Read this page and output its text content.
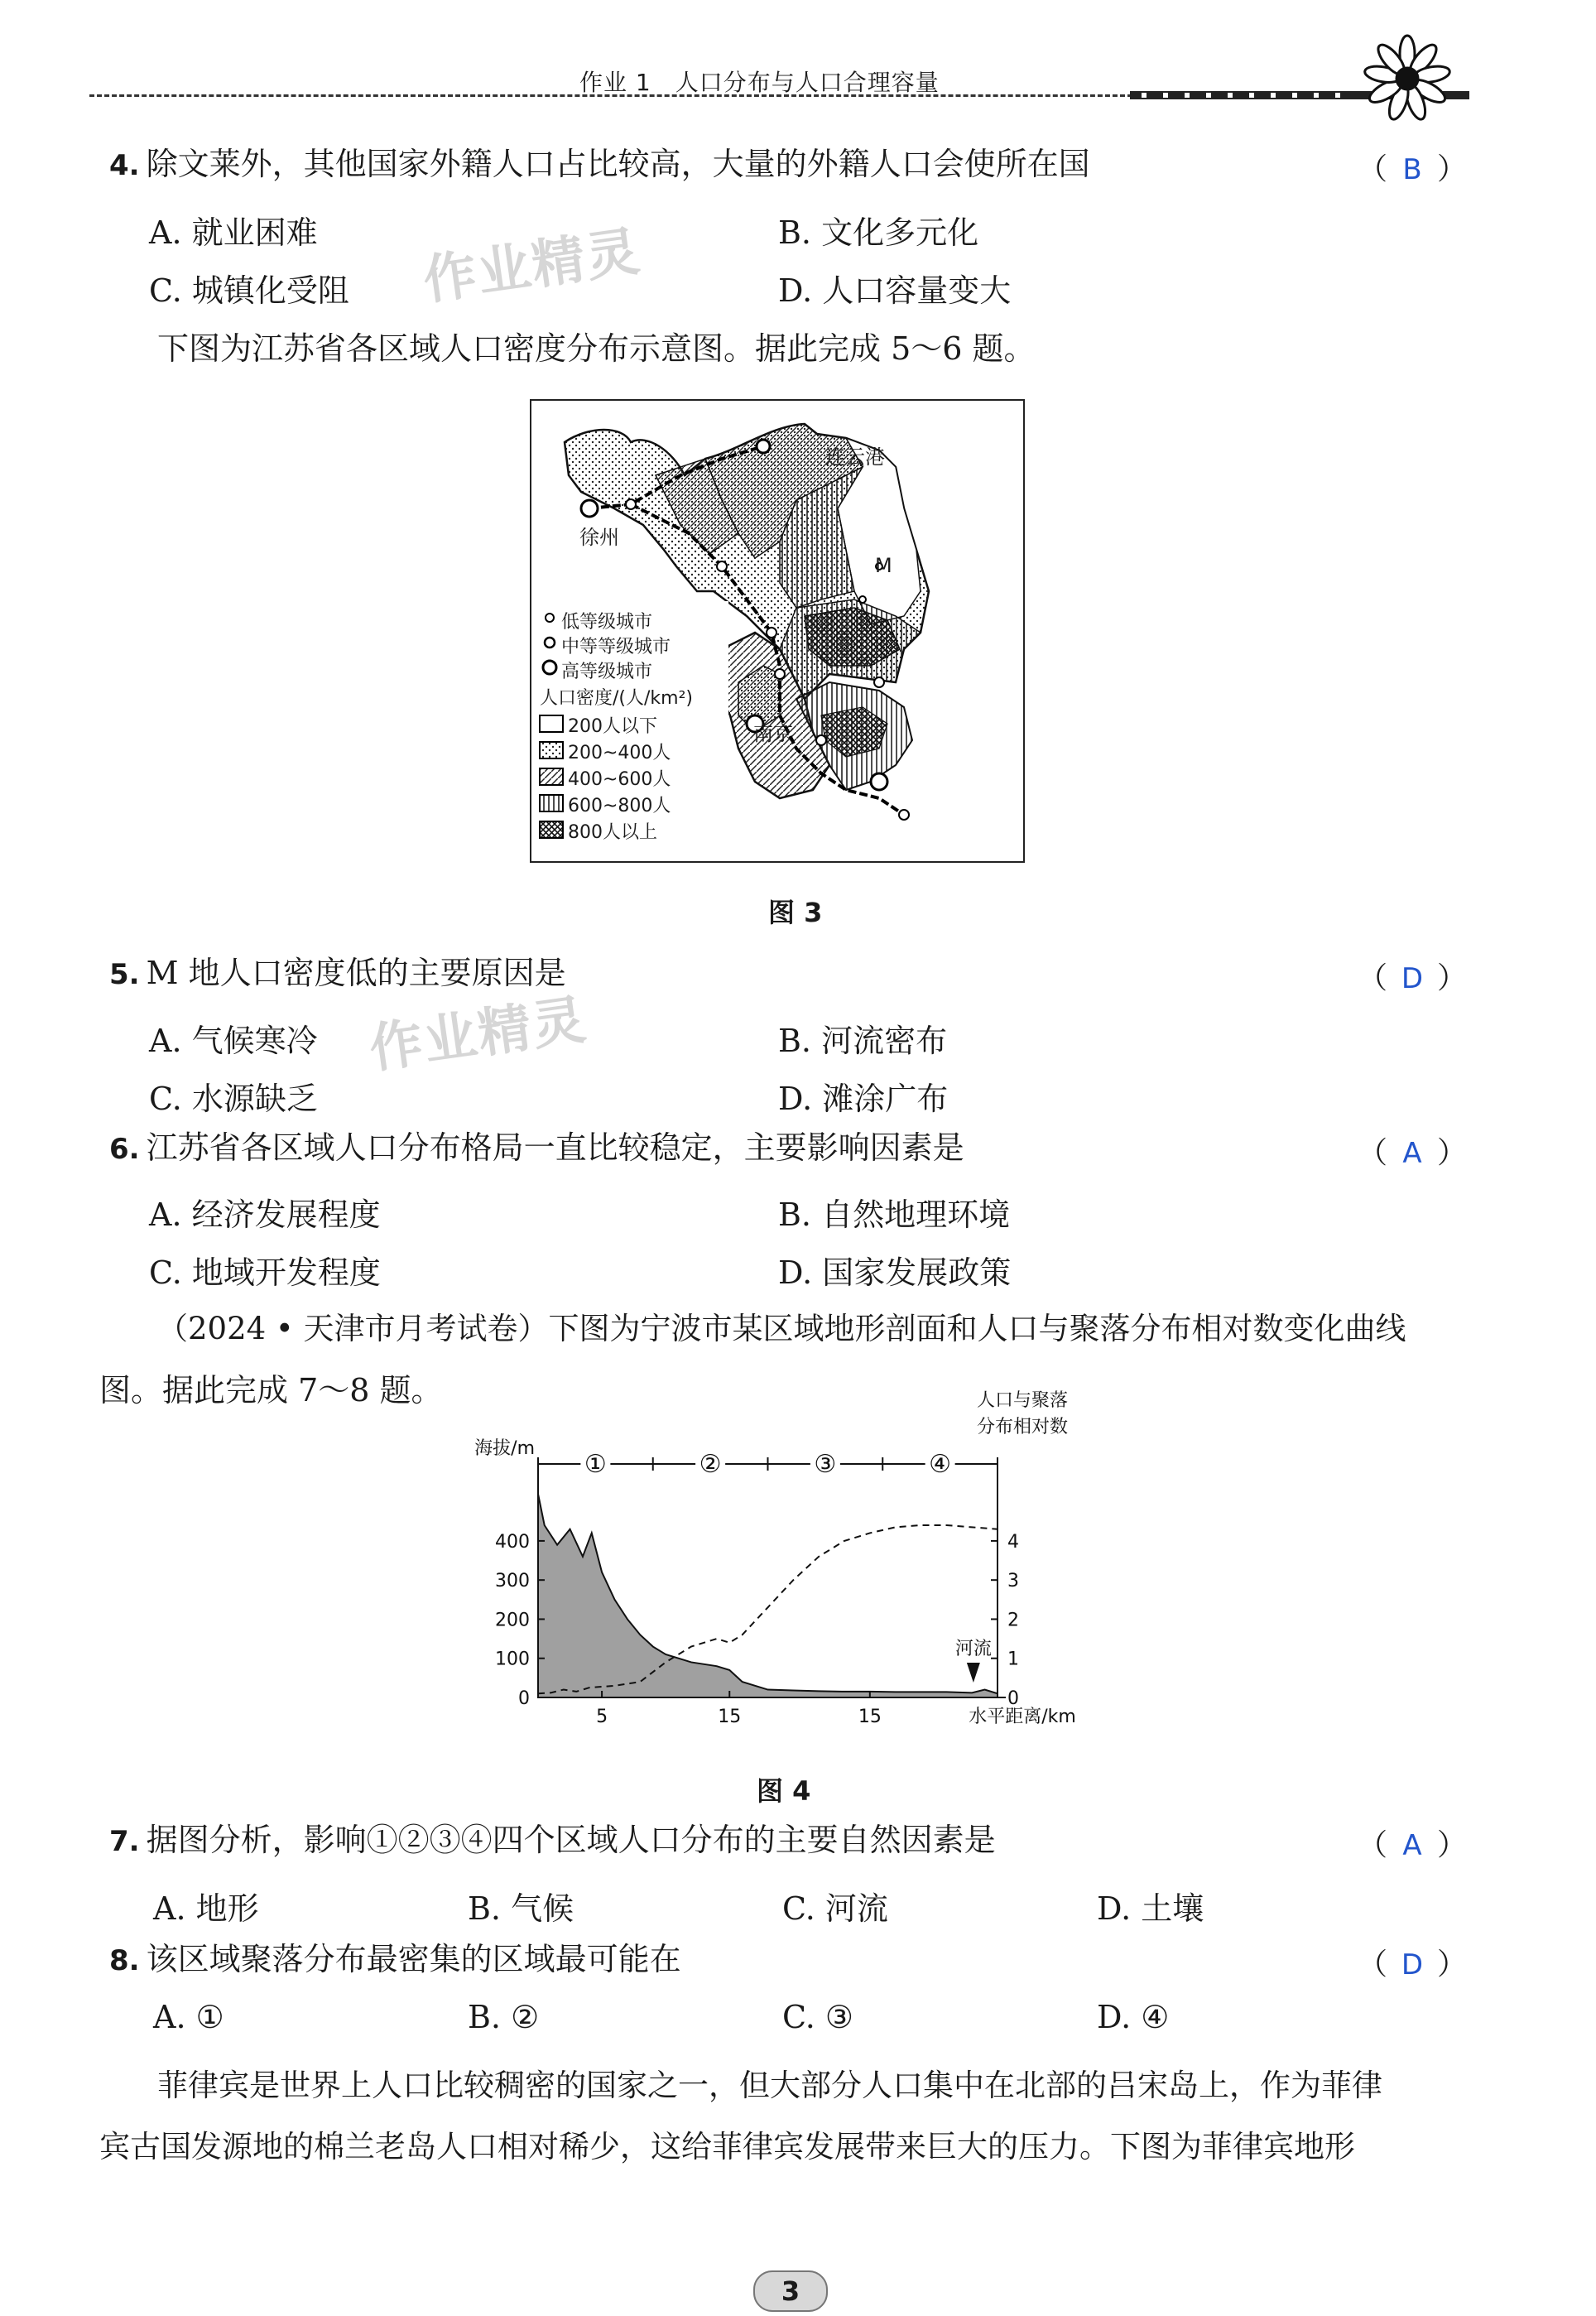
作业 1　人口分布与人口合理容量
4. 除文莱外，其他国家外籍人口占比较高，大量的外籍人口会使所在国	（ B ）
A. 就业困难	B. 文化多元化
C. 城镇化受阻	D. 人口容量变大
作业精灵
下图为江苏省各区域人口密度分布示意图。据此完成 5～6 题。
连云港
徐州
南京
M
低等级城市
中等等级城市
高等级城市
人口密度/(人/km²)
200人以下
200~400人
400~600人
600~800人
800人以上
图 3
5. M 地人口密度低的主要原因是	（ D ）
A. 气候寒冷	B. 河流密布
C. 水源缺乏	D. 滩涂广布
作业精灵
6. 江苏省各区域人口分布格局一直比较稳定，主要影响因素是	（ A ）
A. 经济发展程度	B. 自然地理环境
C. 地域开发程度	D. 国家发展政策
（2024 • 天津市月考试卷）下图为宁波市某区域地形剖面和人口与聚落分布相对数变化曲线
图。据此完成 7～8 题。
0
100
200
300
400
0
1
2
3
4
5	15	15
海拔/m
人口与聚落
分布相对数
水平距离/km
①	②	③	④
河流
图 4
7. 据图分析，影响①②③④四个区域人口分布的主要自然因素是	（ A ）
A. 地形	B. 气候	C. 河流	D. 土壤
8. 该区域聚落分布最密集的区域最可能在	（ D ）
A. ①	B. ②	C. ③	D. ④
菲律宾是世界上人口比较稠密的国家之一，但大部分人口集中在北部的吕宋岛上，作为菲律
宾古国发源地的棉兰老岛人口相对稀少，这给菲律宾发展带来巨大的压力。下图为菲律宾地形
3
